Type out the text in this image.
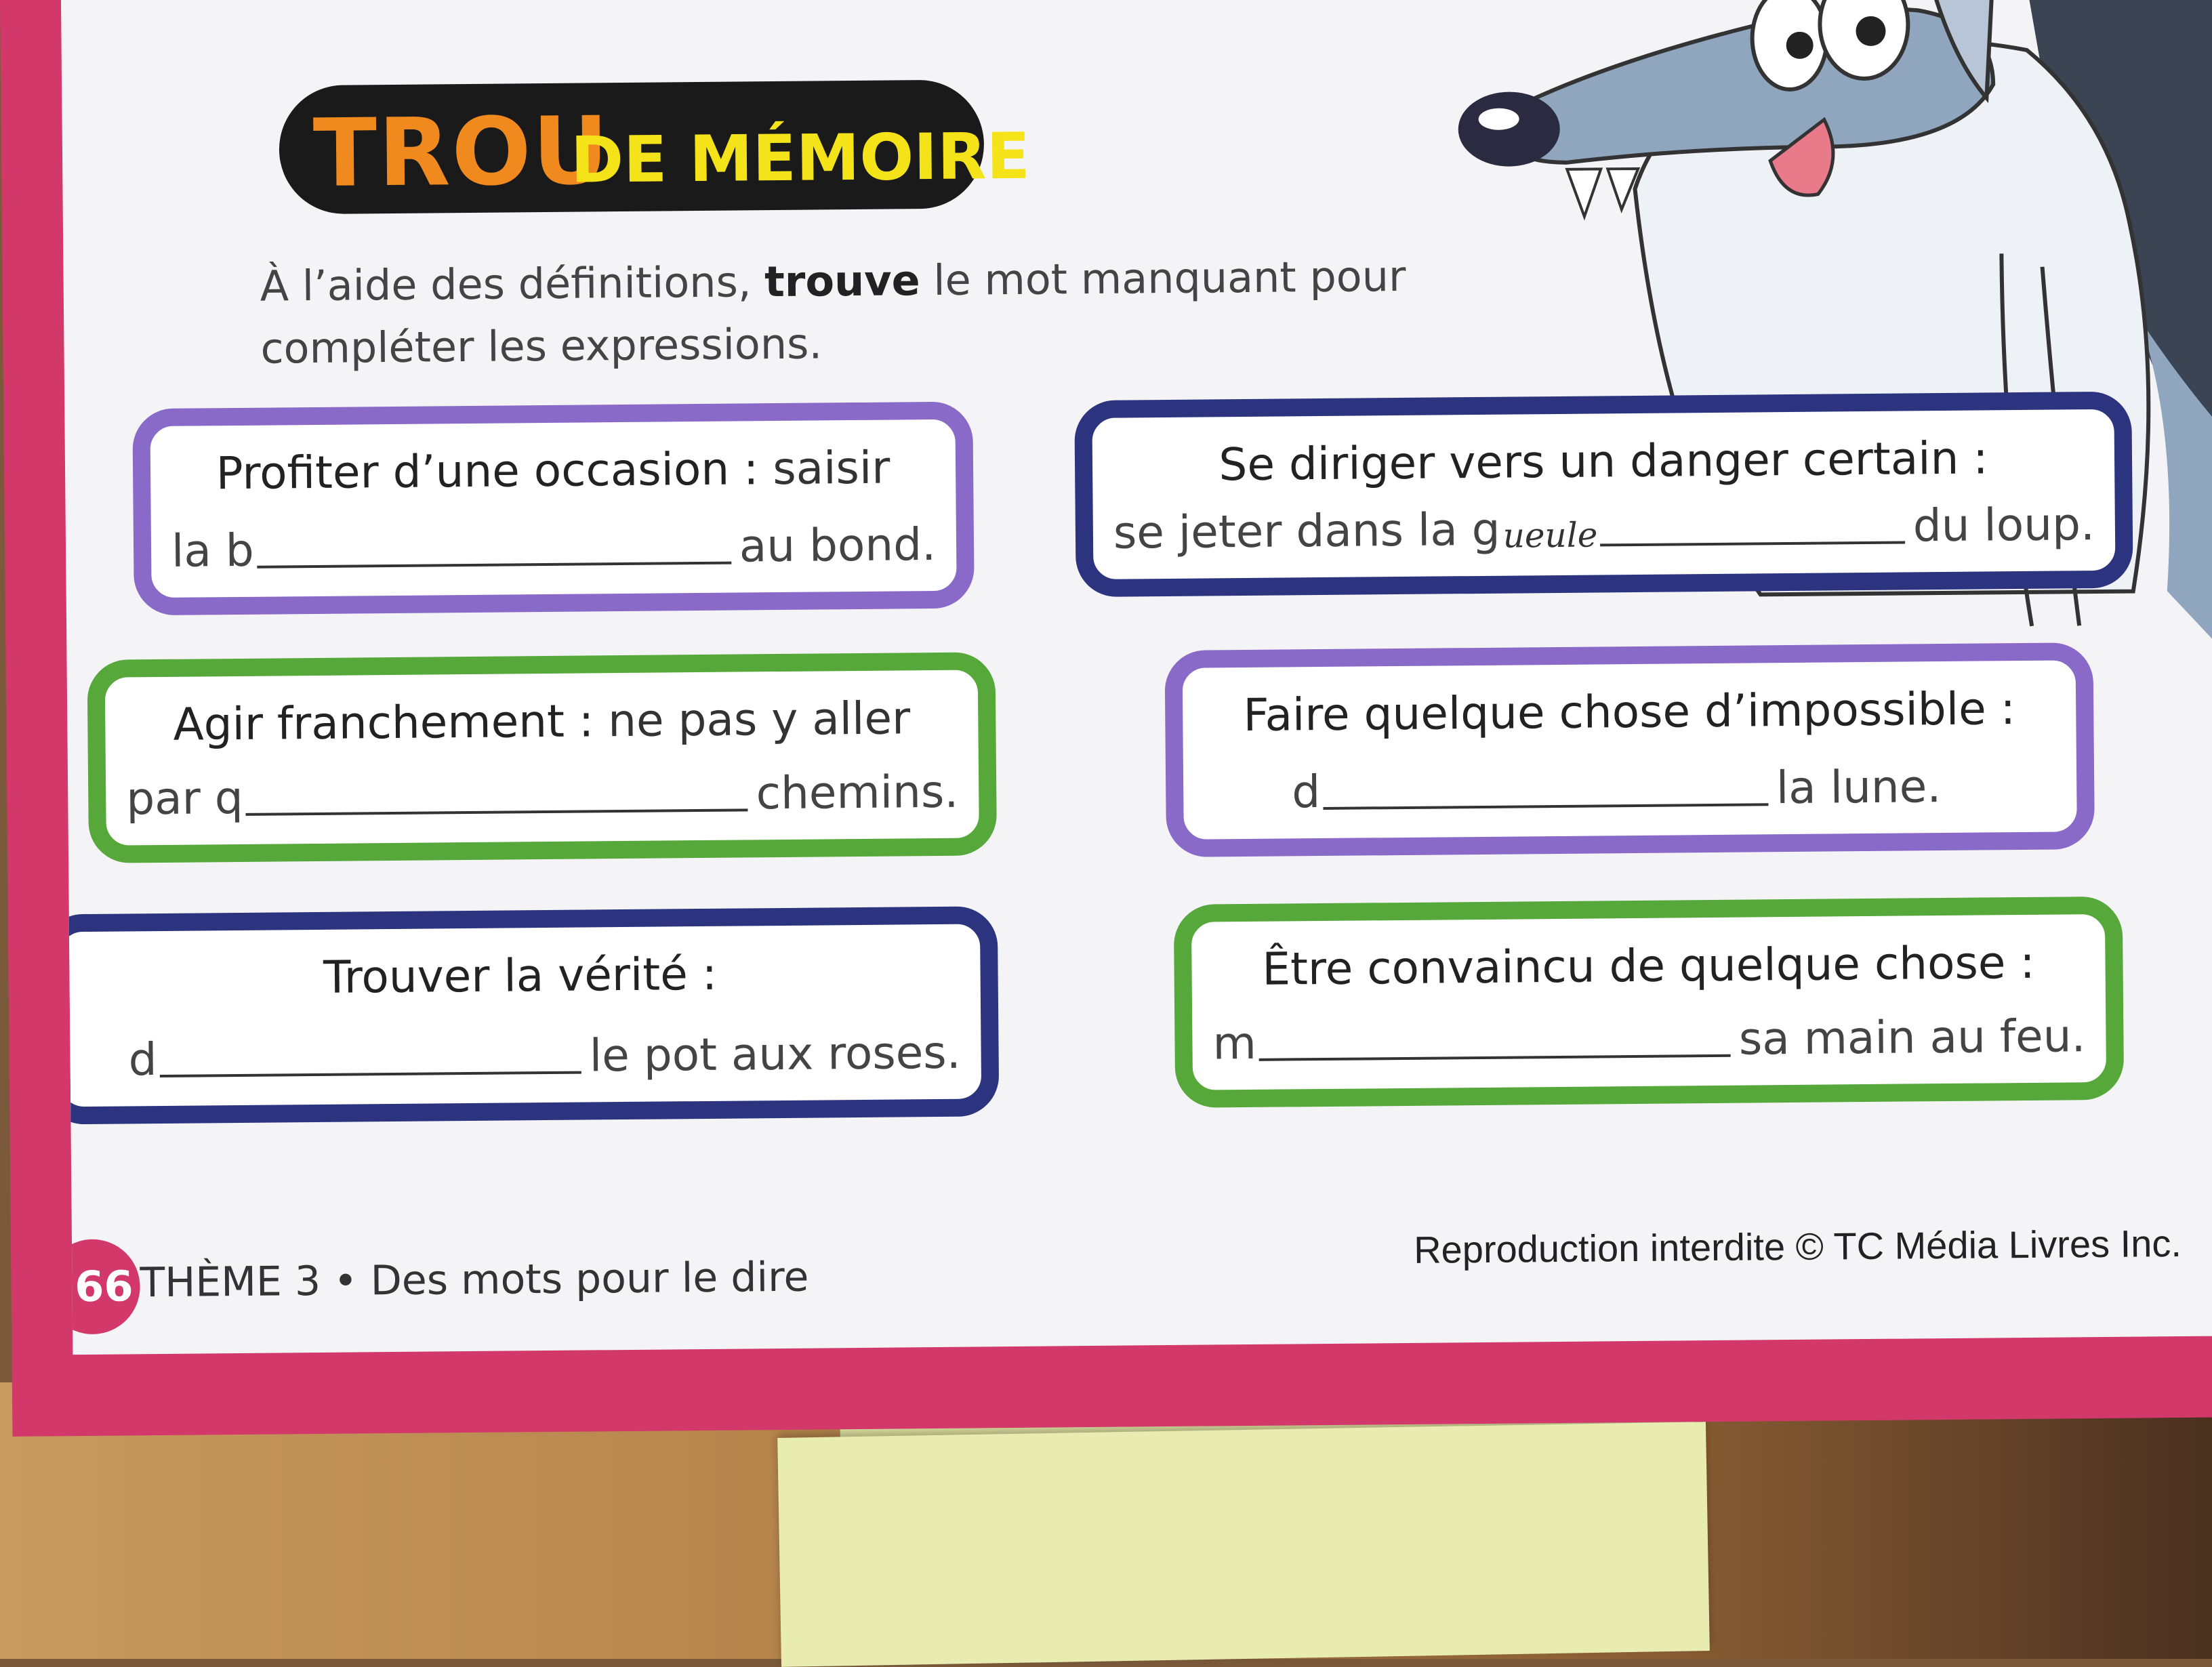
TROU
DE MÉMOIRE
À l’aide des définitions, trouve le mot manquant pour compléter les expressions.
Profiter d’une occasion : saisir
la b	au bond.
Se diriger vers un danger certain :
se jeter dans la g ueule	du loup.
Agir franchement : ne pas y aller
par q	chemins.
Faire quelque chose d’impossible :
d	la lune.
Trouver la vérité :
d	le pot aux roses.
Être convaincu de quelque chose :
m	sa main au feu.
66 THÈME 3 • Des mots pour le dire
Reproduction interdite © TC Média Livres Inc.
